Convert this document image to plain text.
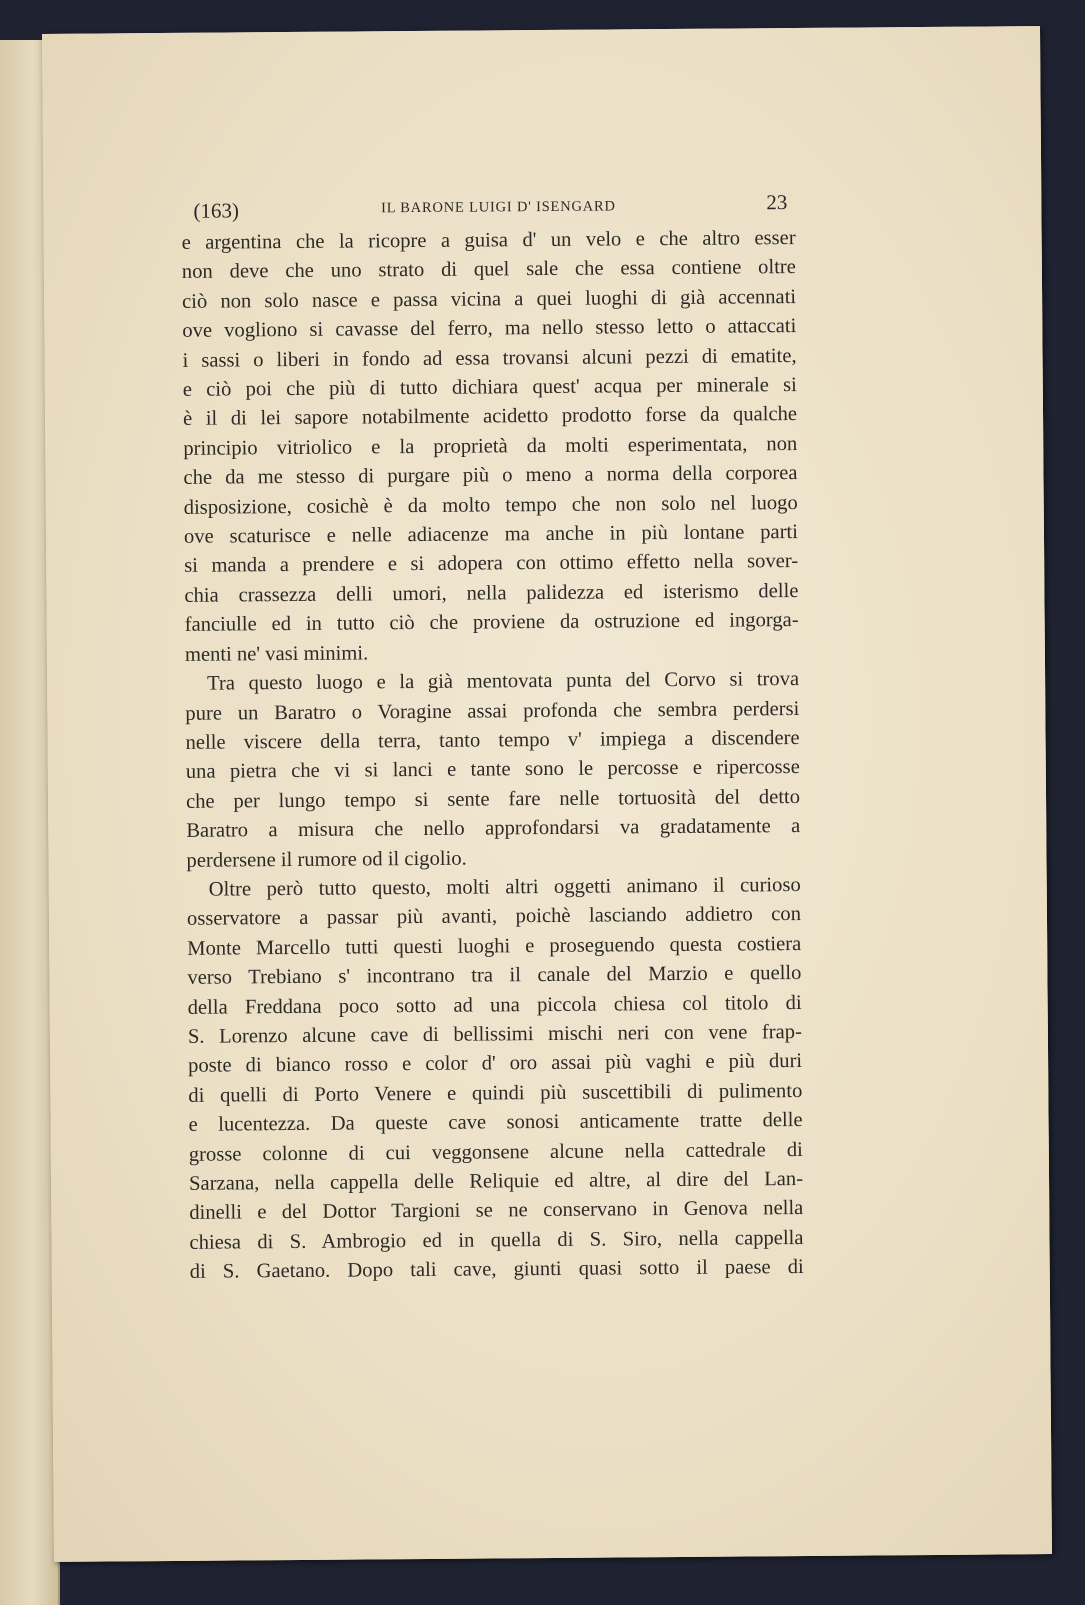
(163)	IL BARONE LUIGI D' ISENGARD	23

e argentina che la ricopre a guisa d' un velo e che altro esser

non deve che uno strato di quel sale che essa contiene oltre

ciò non solo nasce e passa vicina a quei luoghi di già accennati

ove vogliono si cavasse del ferro, ma nello stesso letto o attaccati

i sassi o liberi in fondo ad essa trovansi alcuni pezzi di ematite,

e ciò poi che più di tutto dichiara quest' acqua per minerale si

è il di lei sapore notabilmente acidetto prodotto forse da qualche

principio vitriolico e la proprietà da molti esperimentata, non

che da me stesso di purgare più o meno a norma della corporea

disposizione, cosichè è da molto tempo che non solo nel luogo

ove scaturisce e nelle adiacenze ma anche in più lontane parti

si manda a prendere e si adopera con ottimo effetto nella sover-

chia crassezza delli umori, nella palidezza ed isterismo delle

fanciulle ed in tutto ciò che proviene da ostruzione ed ingorga-

menti ne' vasi minimi.

Tra questo luogo e la già mentovata punta del Corvo si trova

pure un Baratro o Voragine assai profonda che sembra perdersi

nelle viscere della terra, tanto tempo v' impiega a discendere

una pietra che vi si lanci e tante sono le percosse e ripercosse

che per lungo tempo si sente fare nelle tortuosità del detto

Baratro a misura che nello approfondarsi va gradatamente a

perdersene il rumore od il cigolio.

Oltre però tutto questo, molti altri oggetti animano il curioso

osservatore a passar più avanti, poichè lasciando addietro con

Monte Marcello tutti questi luoghi e proseguendo questa costiera

verso Trebiano s' incontrano tra il canale del Marzio e quello

della Freddana poco sotto ad una piccola chiesa col titolo di

S. Lorenzo alcune cave di bellissimi mischi neri con vene frap-

poste di bianco rosso e color d' oro assai più vaghi e più duri

di quelli di Porto Venere e quindi più suscettibili di pulimento

e lucentezza. Da queste cave sonosi anticamente tratte delle

grosse colonne di cui veggonsene alcune nella cattedrale di

Sarzana, nella cappella delle Reliquie ed altre, al dire del Lan-

dinelli e del Dottor Targioni se ne conservano in Genova nella

chiesa di S. Ambrogio ed in quella di S. Siro, nella cappella

di S. Gaetano. Dopo tali cave, giunti quasi sotto il paese di
